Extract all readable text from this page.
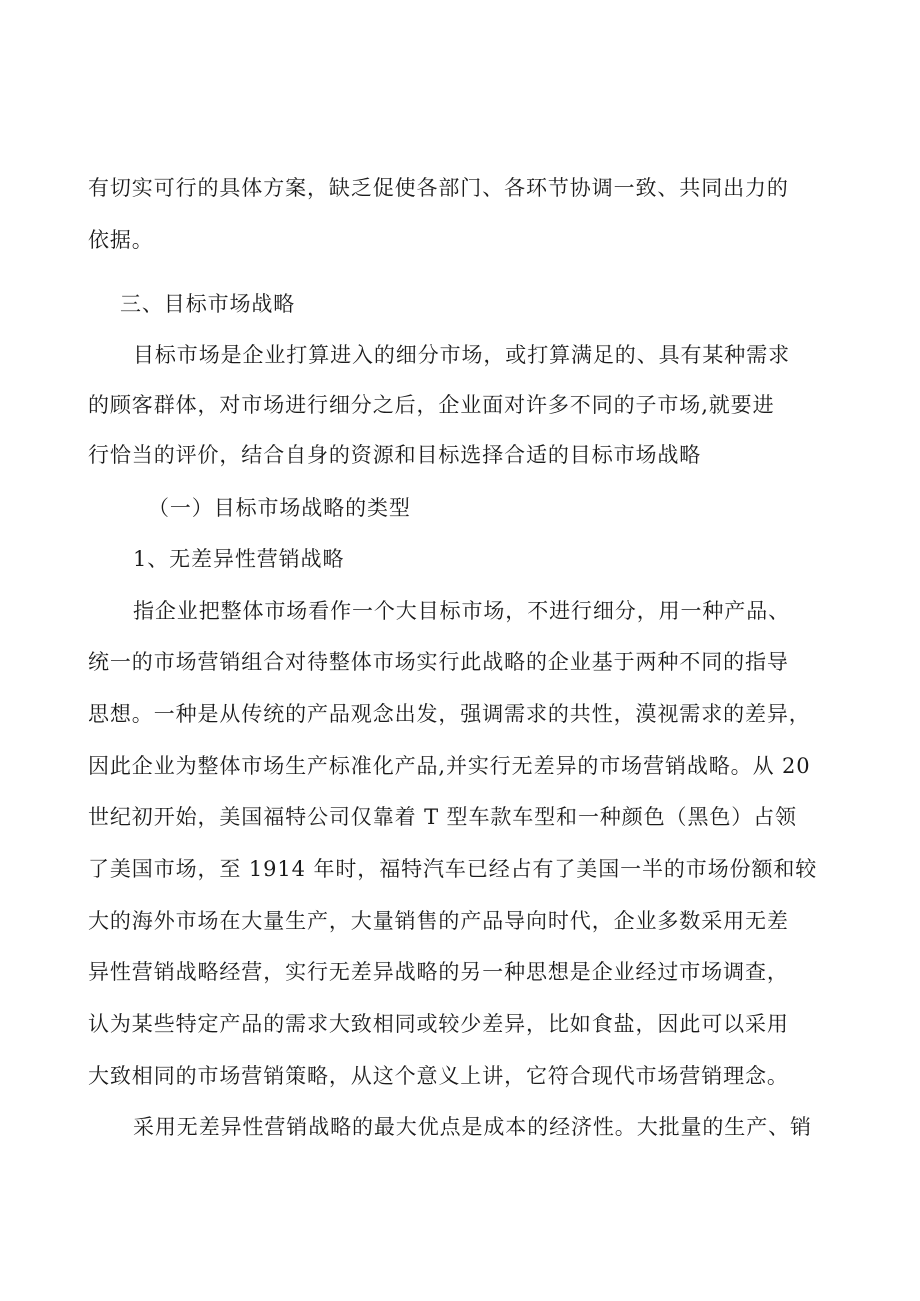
有切实可行的具体方案，缺乏促使各部门、各环节协调一致、共同出力的
依据。
三、目标市场战略
目标市场是企业打算进入的细分市场，或打算满足的、具有某种需求
的顾客群体，对市场进行细分之后，企业面对许多不同的子市场,就要进
行恰当的评价，结合自身的资源和目标选择合适的目标市场战略
（一）目标市场战略的类型
1、无差异性营销战略
指企业把整体市场看作一个大目标市场，不进行细分，用一种产品、
统一的市场营销组合对待整体市场实行此战略的企业基于两种不同的指导
思想。一种是从传统的产品观念出发，强调需求的共性，漠视需求的差异，
因此企业为整体市场生产标准化产品,并实行无差异的市场营销战略。从 20
世纪初开始，美国福特公司仅靠着 T 型车款车型和一种颜色（黑色）占领
了美国市场，至 1914 年时，福特汽车已经占有了美国一半的市场份额和较
大的海外市场在大量生产，大量销售的产品导向时代，企业多数采用无差
异性营销战略经营，实行无差异战略的另一种思想是企业经过市场调查，
认为某些特定产品的需求大致相同或较少差异，比如食盐，因此可以采用
大致相同的市场营销策略，从这个意义上讲，它符合现代市场营销理念。
采用无差异性营销战略的最大优点是成本的经济性。大批量的生产、销
